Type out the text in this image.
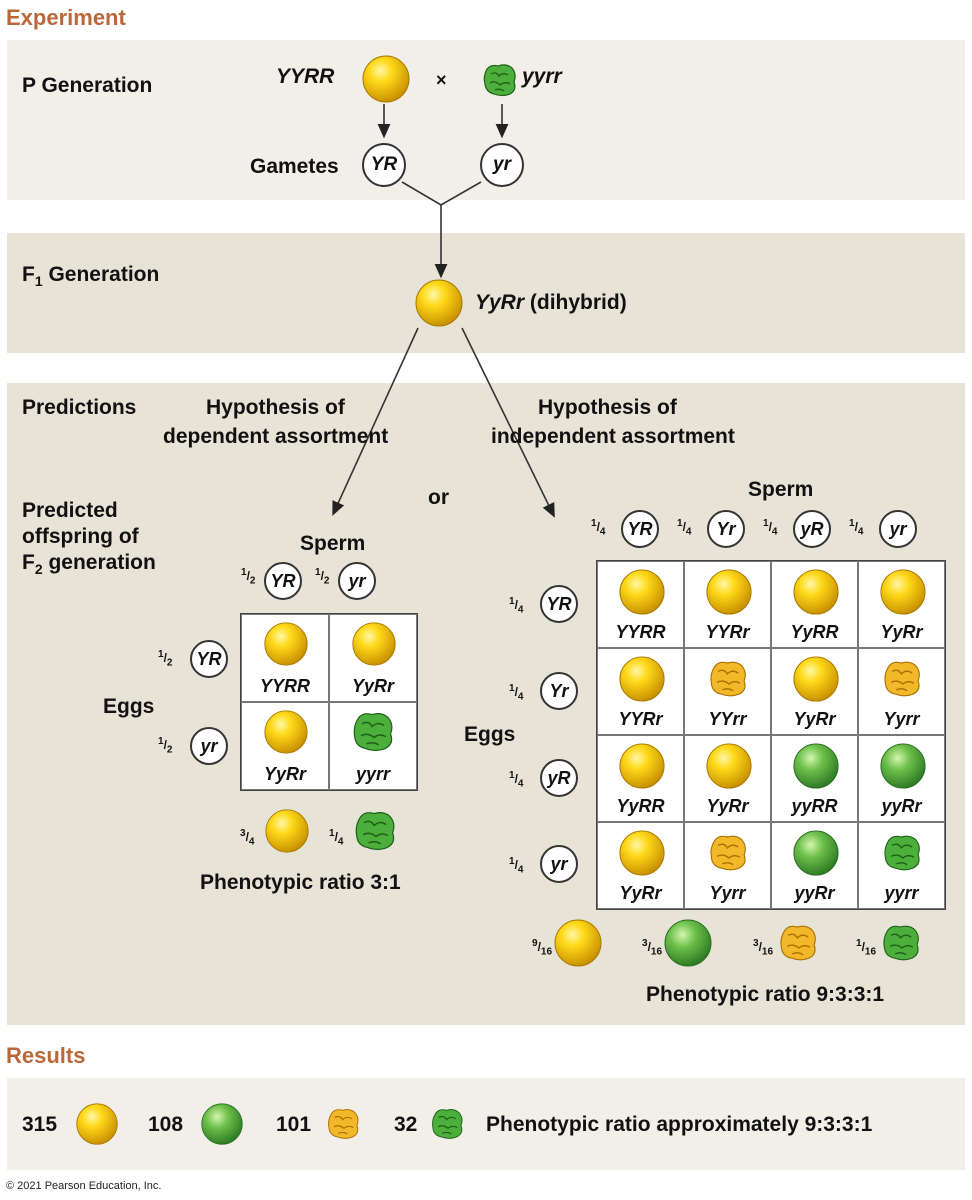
Experiment
Results
P Generation	YYRR	×	yyrr
Gametes	YR	yr
$F_1$ Generation
YyRr (dihybrid)
Predictions	Hypothesis of
dependent assortment
Hypothesis of
independent assortment
or
Predicted
offspring of
$F_2$ generation
Sperm
Eggs
$^1/_2$ YR
$^1/_2$	YR
$^1/_2$	yr
$^1/_2$	yr
YYRR	YyRr
YyRr	yyrr
$^3/_4$
$^1/_4$
Phenotypic ratio 3:1
Sperm
Eggs
$^1/_4$	YR
$^1/_4$	YR
$^1/_4$	Yr
$^1/_4$	Yr
$^1/_4$	yR
$^1/_4$	yR
$^1/_4$	yr
$^1/_4$	yr
YYRR	YYRr	YyRR	YyRr
YYRr	YYrr	YyRr	Yyrr
YyRR	YyRr	yyRR	yyRr
YyRr	Yyrr	yyRr	yyrr
$^9/_{16}$
$^3/_{16}$
$^3/_{16}$
$^1/_{16}$
Phenotypic ratio 9:3:3:1
315	108	101	32	Phenotypic ratio approximately 9:3:3:1
© 2021 Pearson Education, Inc.
